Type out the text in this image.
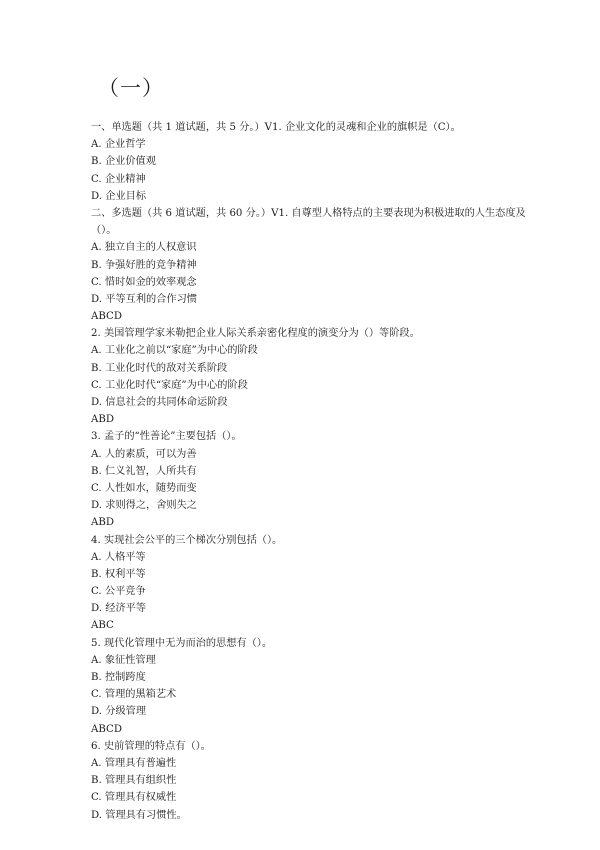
（一）
一、单选题（共 1 道试题，共 5 分。）V1. 企业文化的灵魂和企业的旗帜是（C）。
A. 企业哲学
B. 企业价值观
C. 企业精神
D. 企业目标
二、多选题（共 6 道试题，共 60 分。）V1. 自尊型人格特点的主要表现为积极进取的人生态度及（）。
A. 独立自主的人权意识
B. 争强好胜的竞争精神
C. 惜时如金的效率观念
D. 平等互利的合作习惯
ABCD
2. 美国管理学家米勒把企业人际关系亲密化程度的演变分为（）等阶段。
A. 工业化之前以“家庭”为中心的阶段
B. 工业化时代的敌对关系阶段
C. 工业化时代“家庭”为中心的阶段
D. 信息社会的共同体命运阶段
ABD
3. 孟子的“性善论”主要包括（）。
A. 人的素质，可以为善
B. 仁义礼智，人所共有
C. 人性如水，随势而变
D. 求则得之，舍则失之
ABD
4. 实现社会公平的三个梯次分别包括（）。
A. 人格平等
B. 权利平等
C. 公平竞争
D. 经济平等
ABC
5. 现代化管理中无为而治的思想有（）。
A. 象征性管理
B. 控制跨度
C. 管理的黑箱艺术
D. 分级管理
ABCD
6. 史前管理的特点有（）。
A. 管理具有普遍性
B. 管理具有组织性
C. 管理具有权威性
D. 管理具有习惯性。
